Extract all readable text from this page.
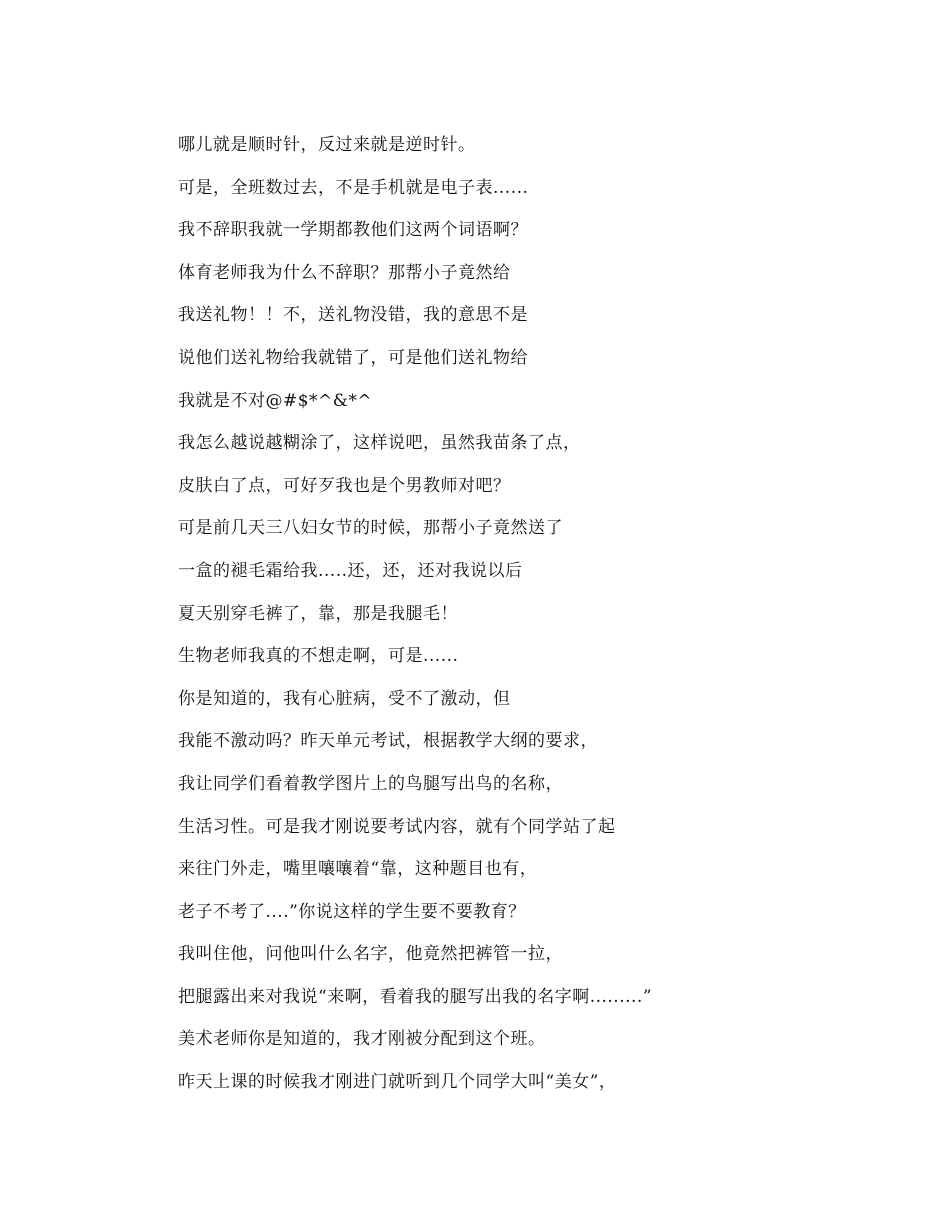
哪儿就是顺时针，反过来就是逆时针。
可是，全班数过去，不是手机就是电子表......
我不辞职我就一学期都教他们这两个词语啊？
体育老师我为什么不辞职？那帮小子竟然给
我送礼物！！不，送礼物没错，我的意思不是
说他们送礼物给我就错了，可是他们送礼物给
我就是不对@#$*^&*^
我怎么越说越糊涂了，这样说吧，虽然我苗条了点，
皮肤白了点，可好歹我也是个男教师对吧？
可是前几天三八妇女节的时候，那帮小子竟然送了
一盒的褪毛霜给我.....还，还，还对我说以后
夏天别穿毛裤了，靠，那是我腿毛！
生物老师我真的不想走啊，可是......
你是知道的，我有心脏病，受不了激动，但
我能不激动吗？昨天单元考试，根据教学大纲的要求，
我让同学们看着教学图片上的鸟腿写出鸟的名称，
生活习性。可是我才刚说要考试内容，就有个同学站了起
来往门外走，嘴里嚷嚷着“靠，这种题目也有，
老子不考了....”你说这样的学生要不要教育？
我叫住他，问他叫什么名字，他竟然把裤管一拉，
把腿露出来对我说“来啊，看着我的腿写出我的名字啊.........”
美术老师你是知道的，我才刚被分配到这个班。
昨天上课的时候我才刚进门就听到几个同学大叫“美女”，
